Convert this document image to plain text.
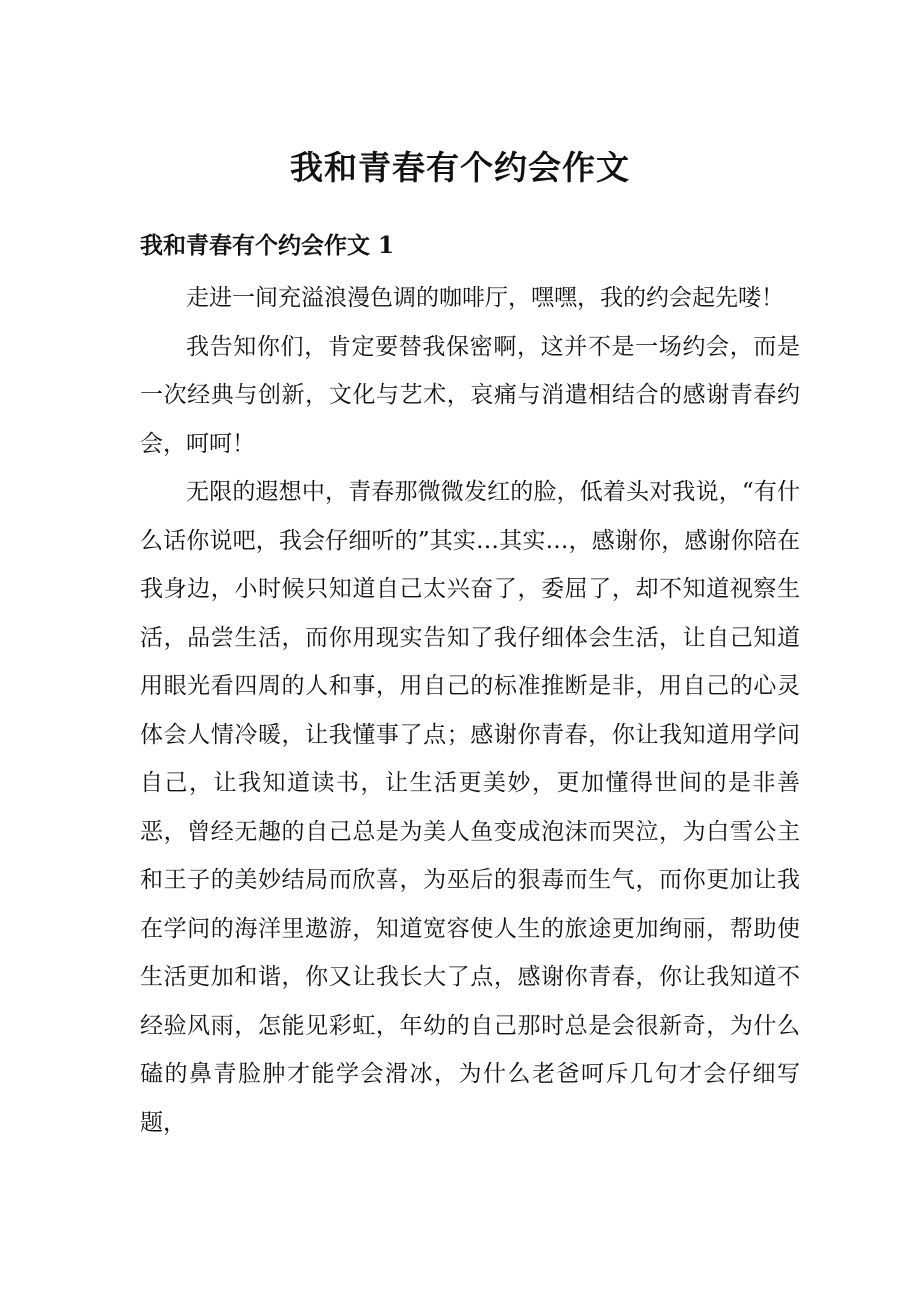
我和青春有个约会作文
我和青春有个约会作文 1

走进一间充溢浪漫色调的咖啡厅，嘿嘿，我的约会起先喽！

我告知你们，肯定要替我保密啊，这并不是一场约会，而是一次经典与创新，文化与艺术，哀痛与消遣相结合的感谢青春约会，呵呵！

无限的遐想中，青春那微微发红的脸，低着头对我说，“有什么话你说吧，我会仔细听的”其实…其实…，感谢你，感谢你陪在我身边，小时候只知道自己太兴奋了，委屈了，却不知道视察生活，品尝生活，而你用现实告知了我仔细体会生活，让自己知道用眼光看四周的人和事，用自己的标准推断是非，用自己的心灵体会人情冷暖，让我懂事了点；感谢你青春，你让我知道用学问自己，让我知道读书，让生活更美妙，更加懂得世间的是非善恶，曾经无趣的自己总是为美人鱼变成泡沫而哭泣，为白雪公主和王子的美妙结局而欣喜，为巫后的狠毒而生气，而你更加让我在学问的海洋里遨游，知道宽容使人生的旅途更加绚丽，帮助使生活更加和谐，你又让我长大了点，感谢你青春，你让我知道不经验风雨，怎能见彩虹，年幼的自己那时总是会很新奇，为什么磕的鼻青脸肿才能学会滑冰，为什么老爸呵斥几句才会仔细写题，
